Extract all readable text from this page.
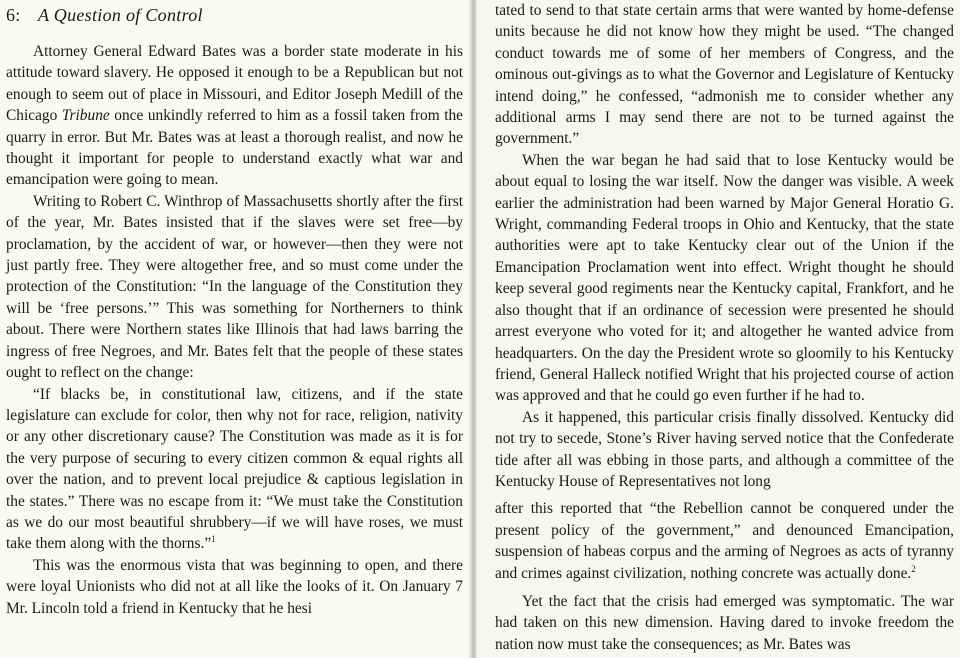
6: A Question of Control

Attorney General Edward Bates was a border state moderate in his attitude toward slavery. He opposed it enough to be a Republican but not enough to seem out of place in Missouri, and Editor Joseph Medill of the Chicago Tribune once unkindly referred to him as a fossil taken from the quarry in error. But Mr. Bates was at least a thorough realist, and now he thought it important for people to understand exactly what war and emancipation were going to mean.

Writing to Robert C. Winthrop of Massachusetts shortly after the first of the year, Mr. Bates insisted that if the slaves were set free—by proclamation, by the accident of war, or however—then they were not just partly free. They were altogether free, and so must come under the protection of the Constitution: “In the language of the Constitution they will be ‘free persons.’” This was something for Northerners to think about. There were Northern states like Illinois that had laws barring the ingress of free Negroes, and Mr. Bates felt that the people of these states ought to reflect on the change:

“If blacks be, in constitutional law, citizens, and if the state legislature can exclude for color, then why not for race, religion, nativity or any other discretionary cause? The Constitution was made as it is for the very purpose of securing to every citizen common & equal rights all over the nation, and to prevent local prejudice & captious legislation in the states.” There was no escape from it: “We must take the Constitution as we do our most beautiful shrubbery—if we will have roses, we must take them along with the thorns.”$^1$

This was the enormous vista that was beginning to open, and there were loyal Unionists who did not at all like the looks of it. On January 7 Mr. Lincoln told a friend in Kentucky that he hesi

tated to send to that state certain arms that were wanted by home-defense units because he did not know how they might be used. “The changed conduct towards me of some of her members of Congress, and the ominous out-givings as to what the Governor and Legislature of Kentucky intend doing,” he confessed, “admonish me to consider whether any additional arms I may send there are not to be turned against the government.”

When the war began he had said that to lose Kentucky would be about equal to losing the war itself. Now the danger was visible. A week earlier the administration had been warned by Major General Horatio G. Wright, commanding Federal troops in Ohio and Kentucky, that the state authorities were apt to take Kentucky clear out of the Union if the Emancipation Proclamation went into effect. Wright thought he should keep several good regiments near the Kentucky capital, Frankfort, and he also thought that if an ordinance of secession were presented he should arrest everyone who voted for it; and altogether he wanted advice from headquarters. On the day the President wrote so gloomily to his Kentucky friend, General Halleck notified Wright that his projected course of action was approved and that he could go even further if he had to.

As it happened, this particular crisis finally dissolved. Kentucky did not try to secede, Stone’s River having served notice that the Confederate tide after all was ebbing in those parts, and although a committee of the Kentucky House of Representatives not long

after this reported that “the Rebellion cannot be conquered under the present policy of the government,” and denounced Emancipation, suspension of habeas corpus and the arming of Negroes as acts of tyranny and crimes against civilization, nothing concrete was actually done.$^2$

Yet the fact that the crisis had emerged was symptomatic. The war had taken on this new dimension. Having dared to invoke freedom the nation now must take the consequences; as Mr. Bates was
